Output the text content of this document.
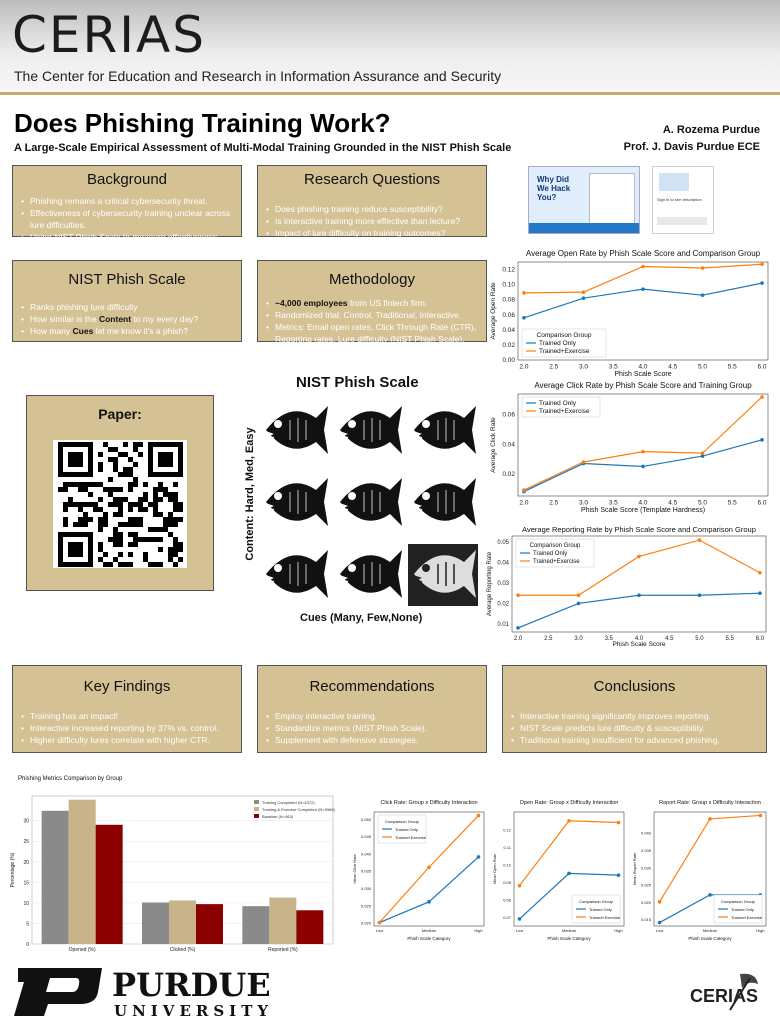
CERIAS
The Center for Education and Research in Information Assurance and Security
Does Phishing Training Work?
A Large-Scale Empirical Assessment of Multi-Modal Training Grounded in the NIST Phish Scale
A. Rozema Purdue
Prof. J. Davis Purdue ECE
Background
• Phishing remains a critical cybersecurity threat.
• Effectiveness of cybersecurity training unclear across lure difficulties.
• Using NIST Phish Scale to measure effectiveness.
Research Questions
• Does phishing training reduce susceptibility?
• Is interactive training more effective than lecture?
• Impact of lure difficulty on training outcomes?
Why Did
We Hack
You?	Sign in to see description
NIST Phish Scale
• Ranks phishing lure difficulty
• How similar is the Content to my every day?
• How many Cues let me know it's a phish?
Methodology
• ~4,000 employees from US fintech firm.
• Randomized trial: Control, Traditional, Interactive.
• Metrics: Email open rates, Click Through Rate (CTR), Reporting rates, Lure difficulty (NIST Phish Scale).
Paper:
NIST Phish Scale
Content: Hard, Med, Easy
Cues (Many, Few,None)
Average Open Rate by Phish Scale Score and Comparison Group
2.0	2.5	3.0	3.5	4.0	4.5	5.0	5.5	6.0
0.00
0.02
0.04
0.06
0.08
0.10
0.12
Phish Scale Score
Average Open Rate	Comparison Group
Trained Only
Trained+Exercise
Average Click Rate by Phish Scale Score and Training Group
2.0	2.5	3.0	3.5	4.0	4.5	5.0	5.5	6.0
0.02
0.04
0.06
Phish Scale Score (Template Hardness)
Average Click Rate
Trained Only
Trained+Exercise
Average Reporting Rate by Phish Scale Score and Comparison Group
2.0	2.5	3.0	3.5	4.0	4.5	5.0	5.5	6.0
0.01
0.02
0.03
0.04
0.05
Phish Scale Score
Average Reporting Rate
Comparison Group
Trained Only
Trained+Exercise
Key Findings
• Training has an impact!
• Interactive increased reporting by 37% vs. control.
• Higher difficulty lures correlate with higher CTR.
Recommendations
• Employ interactive training.
• Standardize metrics (NIST Phish Scale).
• Supplement with defensive strategies.
Conclusions
• Interactive training significantly improves reporting.
• NIST Scale predicts lure difficulty & susceptibility.
• Traditional training insufficient for advanced phishing.
Phishing Metrics Comparison by Group
0
5
10
15
20
25
30
Percentage (%)
Opened (%)	Clicked (%)	Reported (%)
Training Completed (N=4372)
Training & Exercise Completed (N=3966)
Baseline (N=463)
Click Rate: Group x Difficulty Interaction
Low	Medium	High
0.020
0.025
0.030
0.035
0.040
0.045
0.050
Phish Scale Category
Mean Click Rate
Comparison Group
Trained Only
Trained+Exercise
Open Rate: Group x Difficulty Interaction
Low	Medium	High
0.07
0.08
0.09
0.10
0.11
0.12
Phish Scale Category
Mean Open Rate
Comparison Group
Trained Only
Trained+Exercise
Report Rate: Group x Difficulty Interaction
Low	Medium	High
0.015
0.020
0.025
0.030
0.035
0.040
Phish Scale Category
Mean Report Rate
Comparison Group
Trained Only
Trained+Exercise
PURDUE
UNIVERSITY
CERIAS
